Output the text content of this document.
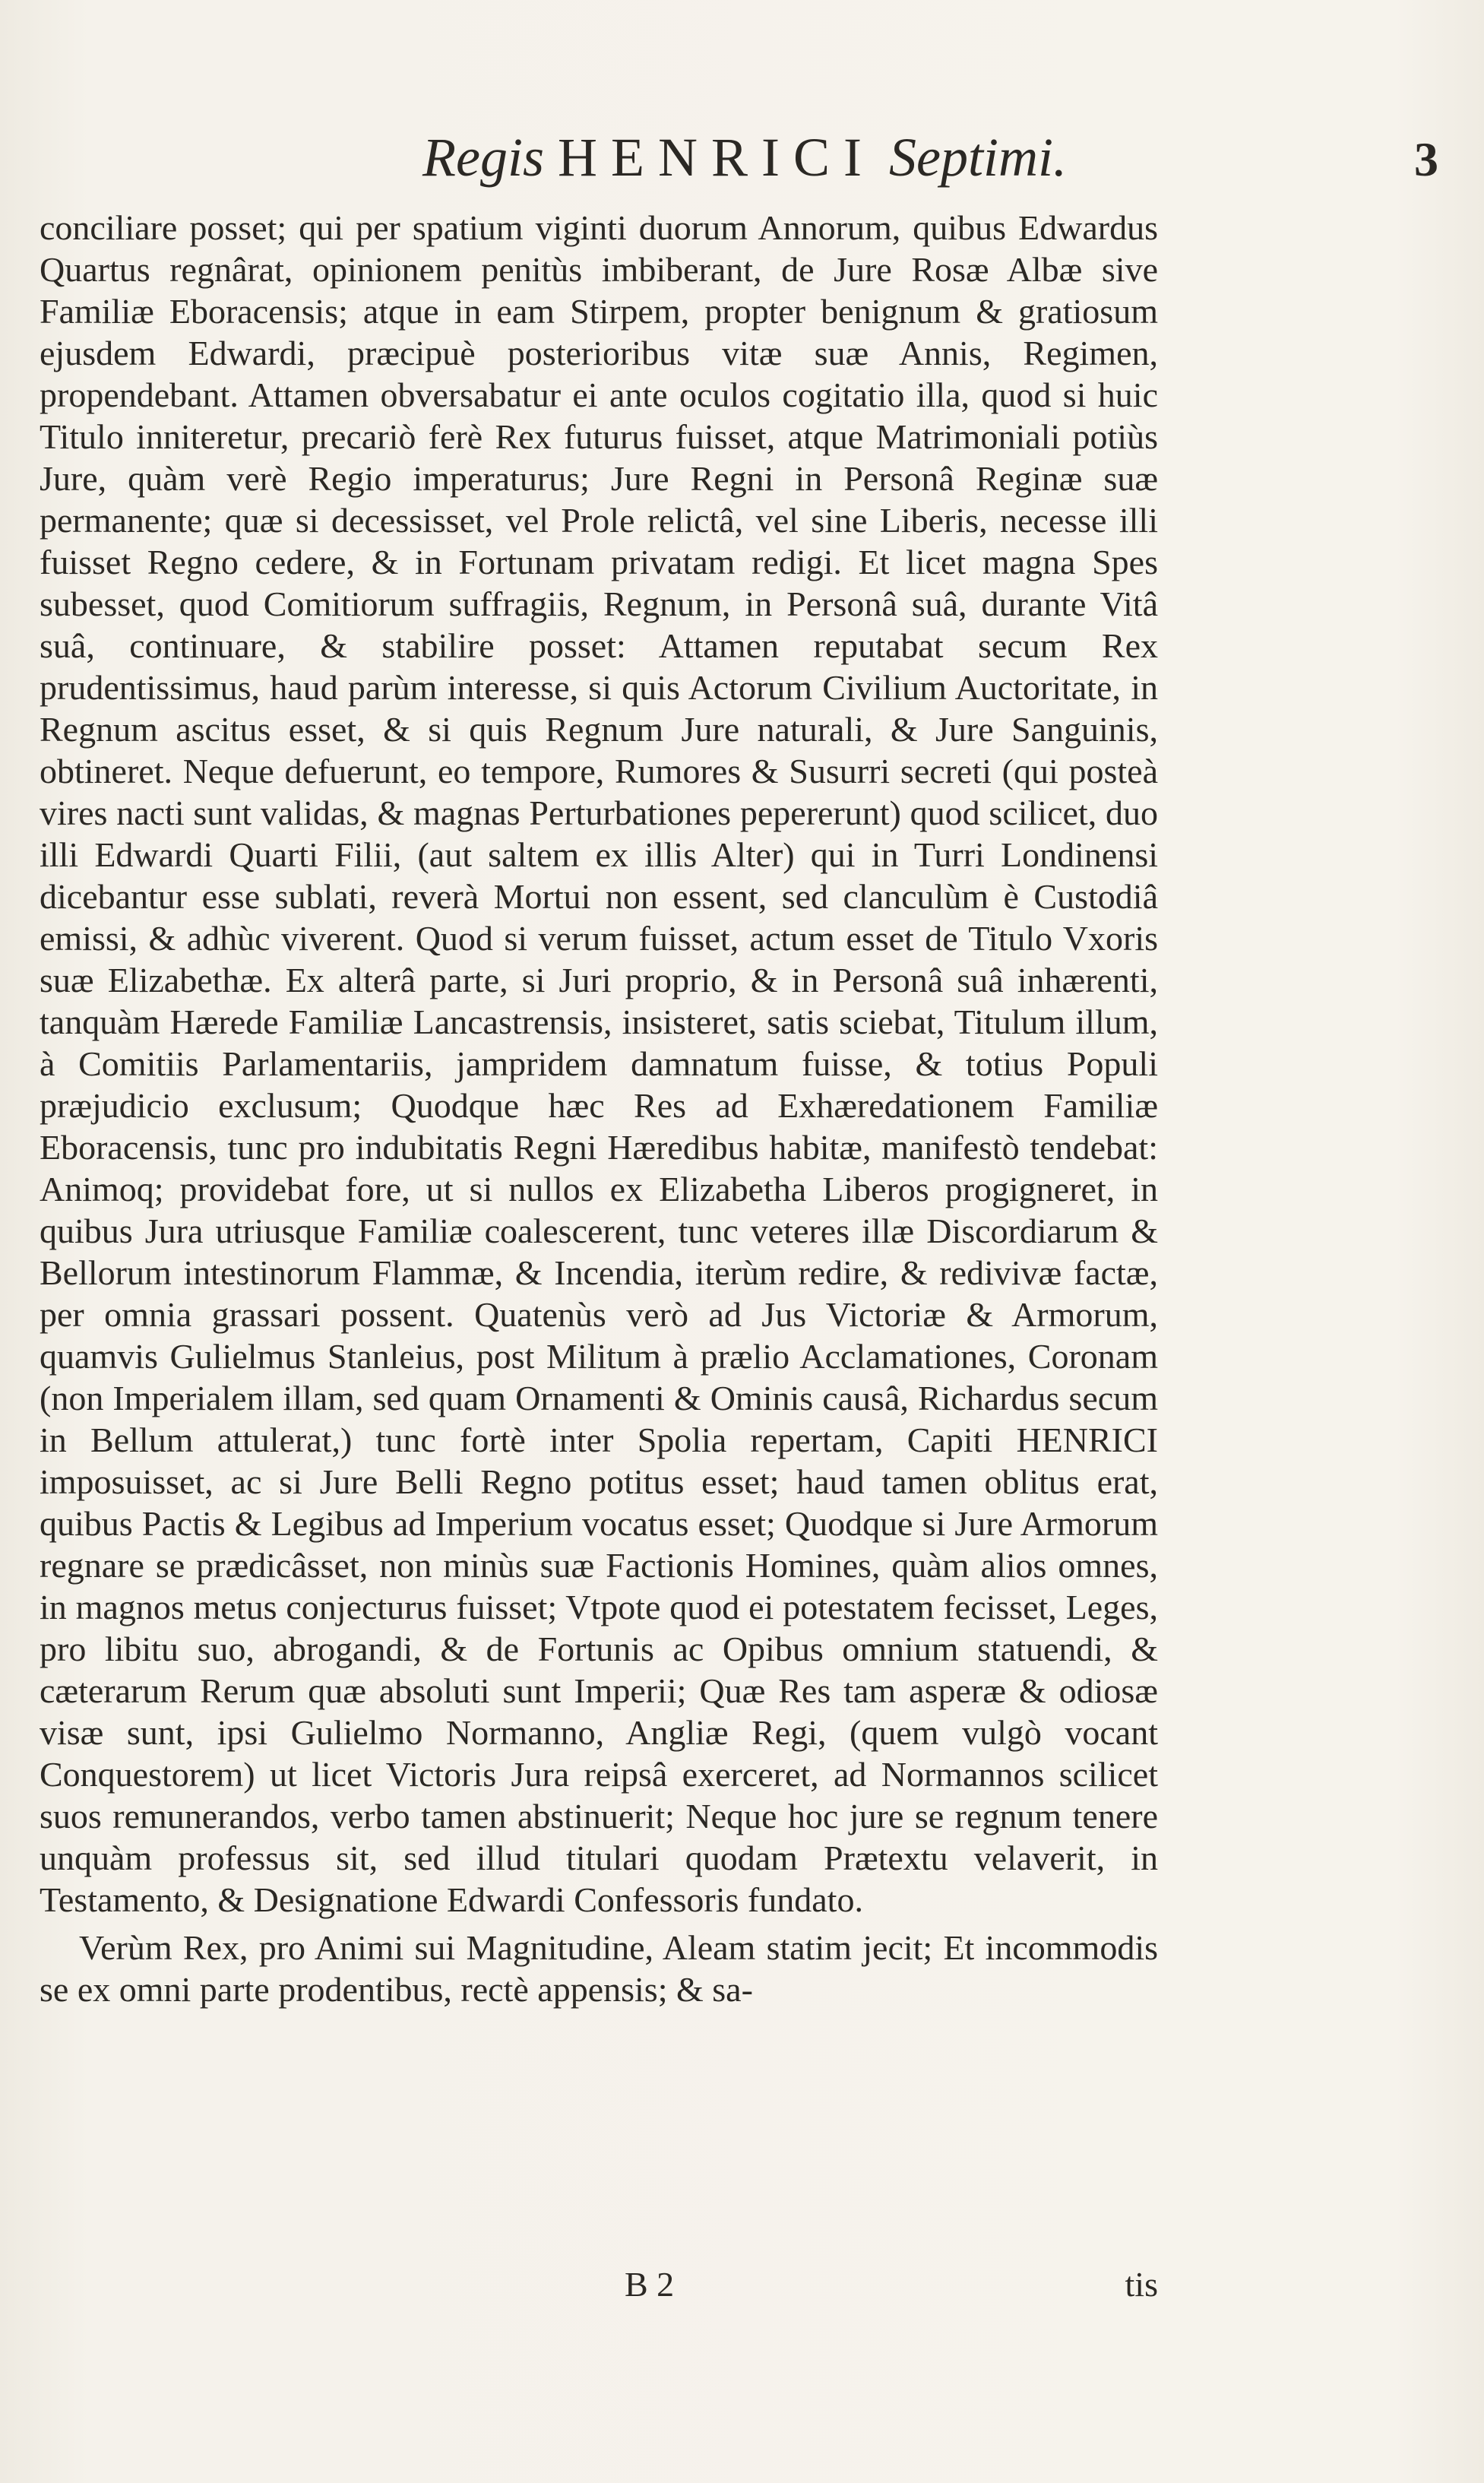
Regis HENRICI Septimi.	3

conciliare posset; qui per spatium viginti duorum Annorum, quibus Edwardus Quartus regnârat, opinionem penitùs imbiberant, de Jure Rosæ Albæ sive Familiæ Eboracensis; atque in eam Stirpem, propter benignum & gratiosum ejusdem Edwardi, præcipuè posterioribus vitæ suæ Annis, Regimen, propendebant. Attamen obversabatur ei ante oculos cogitatio illa, quod si huic Titulo inniteretur, precariò ferè Rex futurus fuisset, atque Matrimoniali potiùs Jure, quàm verè Regio imperaturus; Jure Regni in Personâ Reginæ suæ permanente; quæ si decessisset, vel Prole relictâ, vel sine Liberis, necesse illi fuisset Regno cedere, & in Fortunam privatam redigi. Et licet magna Spes subesset, quod Comitiorum suffragiis, Regnum, in Personâ suâ, durante Vitâ suâ, continuare, & stabilire posset: Attamen reputabat secum Rex prudentissimus, haud parùm interesse, si quis Actorum Civilium Auctoritate, in Regnum ascitus esset, & si quis Regnum Jure naturali, & Jure Sanguinis, obtineret. Neque defuerunt, eo tempore, Rumores & Susurri secreti (qui posteà vires nacti sunt validas, & magnas Perturbationes pepererunt) quod scilicet, duo illi Edwardi Quarti Filii, (aut saltem ex illis Alter) qui in Turri Londinensi dicebantur esse sublati, reverà Mortui non essent, sed clanculùm è Custodiâ emissi, & adhùc viverent. Quod si verum fuisset, actum esset de Titulo Vxoris suæ Elizabethæ. Ex alterâ parte, si Juri proprio, & in Personâ suâ inhærenti, tanquàm Hærede Familiæ Lancastrensis, insisteret, satis sciebat, Titulum illum, à Comitiis Parlamentariis, jampridem damnatum fuisse, & totius Populi præjudicio exclusum; Quodque hæc Res ad Exhæredationem Familiæ Eboracensis, tunc pro indubitatis Regni Hæredibus habitæ, manifestò tendebat: Animoq; providebat fore, ut si nullos ex Elizabetha Liberos progigneret, in quibus Jura utriusque Familiæ coalescerent, tunc veteres illæ Discordiarum & Bellorum intestinorum Flammæ, & Incendia, iterùm redire, & redivivæ factæ, per omnia grassari possent. Quatenùs verò ad Jus Victoriæ & Armorum, quamvis Gulielmus Stanleius, post Militum à prælio Acclamationes, Coronam (non Imperialem illam, sed quam Ornamenti & Ominis causâ, Richardus secum in Bellum attulerat,) tunc fortè inter Spolia repertam, Capiti HENRICI imposuisset, ac si Jure Belli Regno potitus esset; haud tamen oblitus erat, quibus Pactis & Legibus ad Imperium vocatus esset; Quodque si Jure Armorum regnare se prædicâsset, non minùs suæ Factionis Homines, quàm alios omnes, in magnos metus conjecturus fuisset; Vtpote quod ei potestatem fecisset, Leges, pro libitu suo, abrogandi, & de Fortunis ac Opibus omnium statuendi, & cæterarum Rerum quæ absoluti sunt Imperii; Quæ Res tam asperæ & odiosæ visæ sunt, ipsi Gulielmo Normanno, Angliæ Regi, (quem vulgò vocant Conquestorem) ut licet Victoris Jura reipsâ exerceret, ad Normannos scilicet suos remunerandos, verbo tamen abstinuerit; Neque hoc jure se regnum tenere unquàm professus sit, sed illud titulari quodam Prætextu velaverit, in Testamento, & Designatione Edwardi Confessoris fundato.

Verùm Rex, pro Animi sui Magnitudine, Aleam statim jecit; Et incommodis se ex omni parte prodentibus, rectè appensis; & sa-

B 2	tis
